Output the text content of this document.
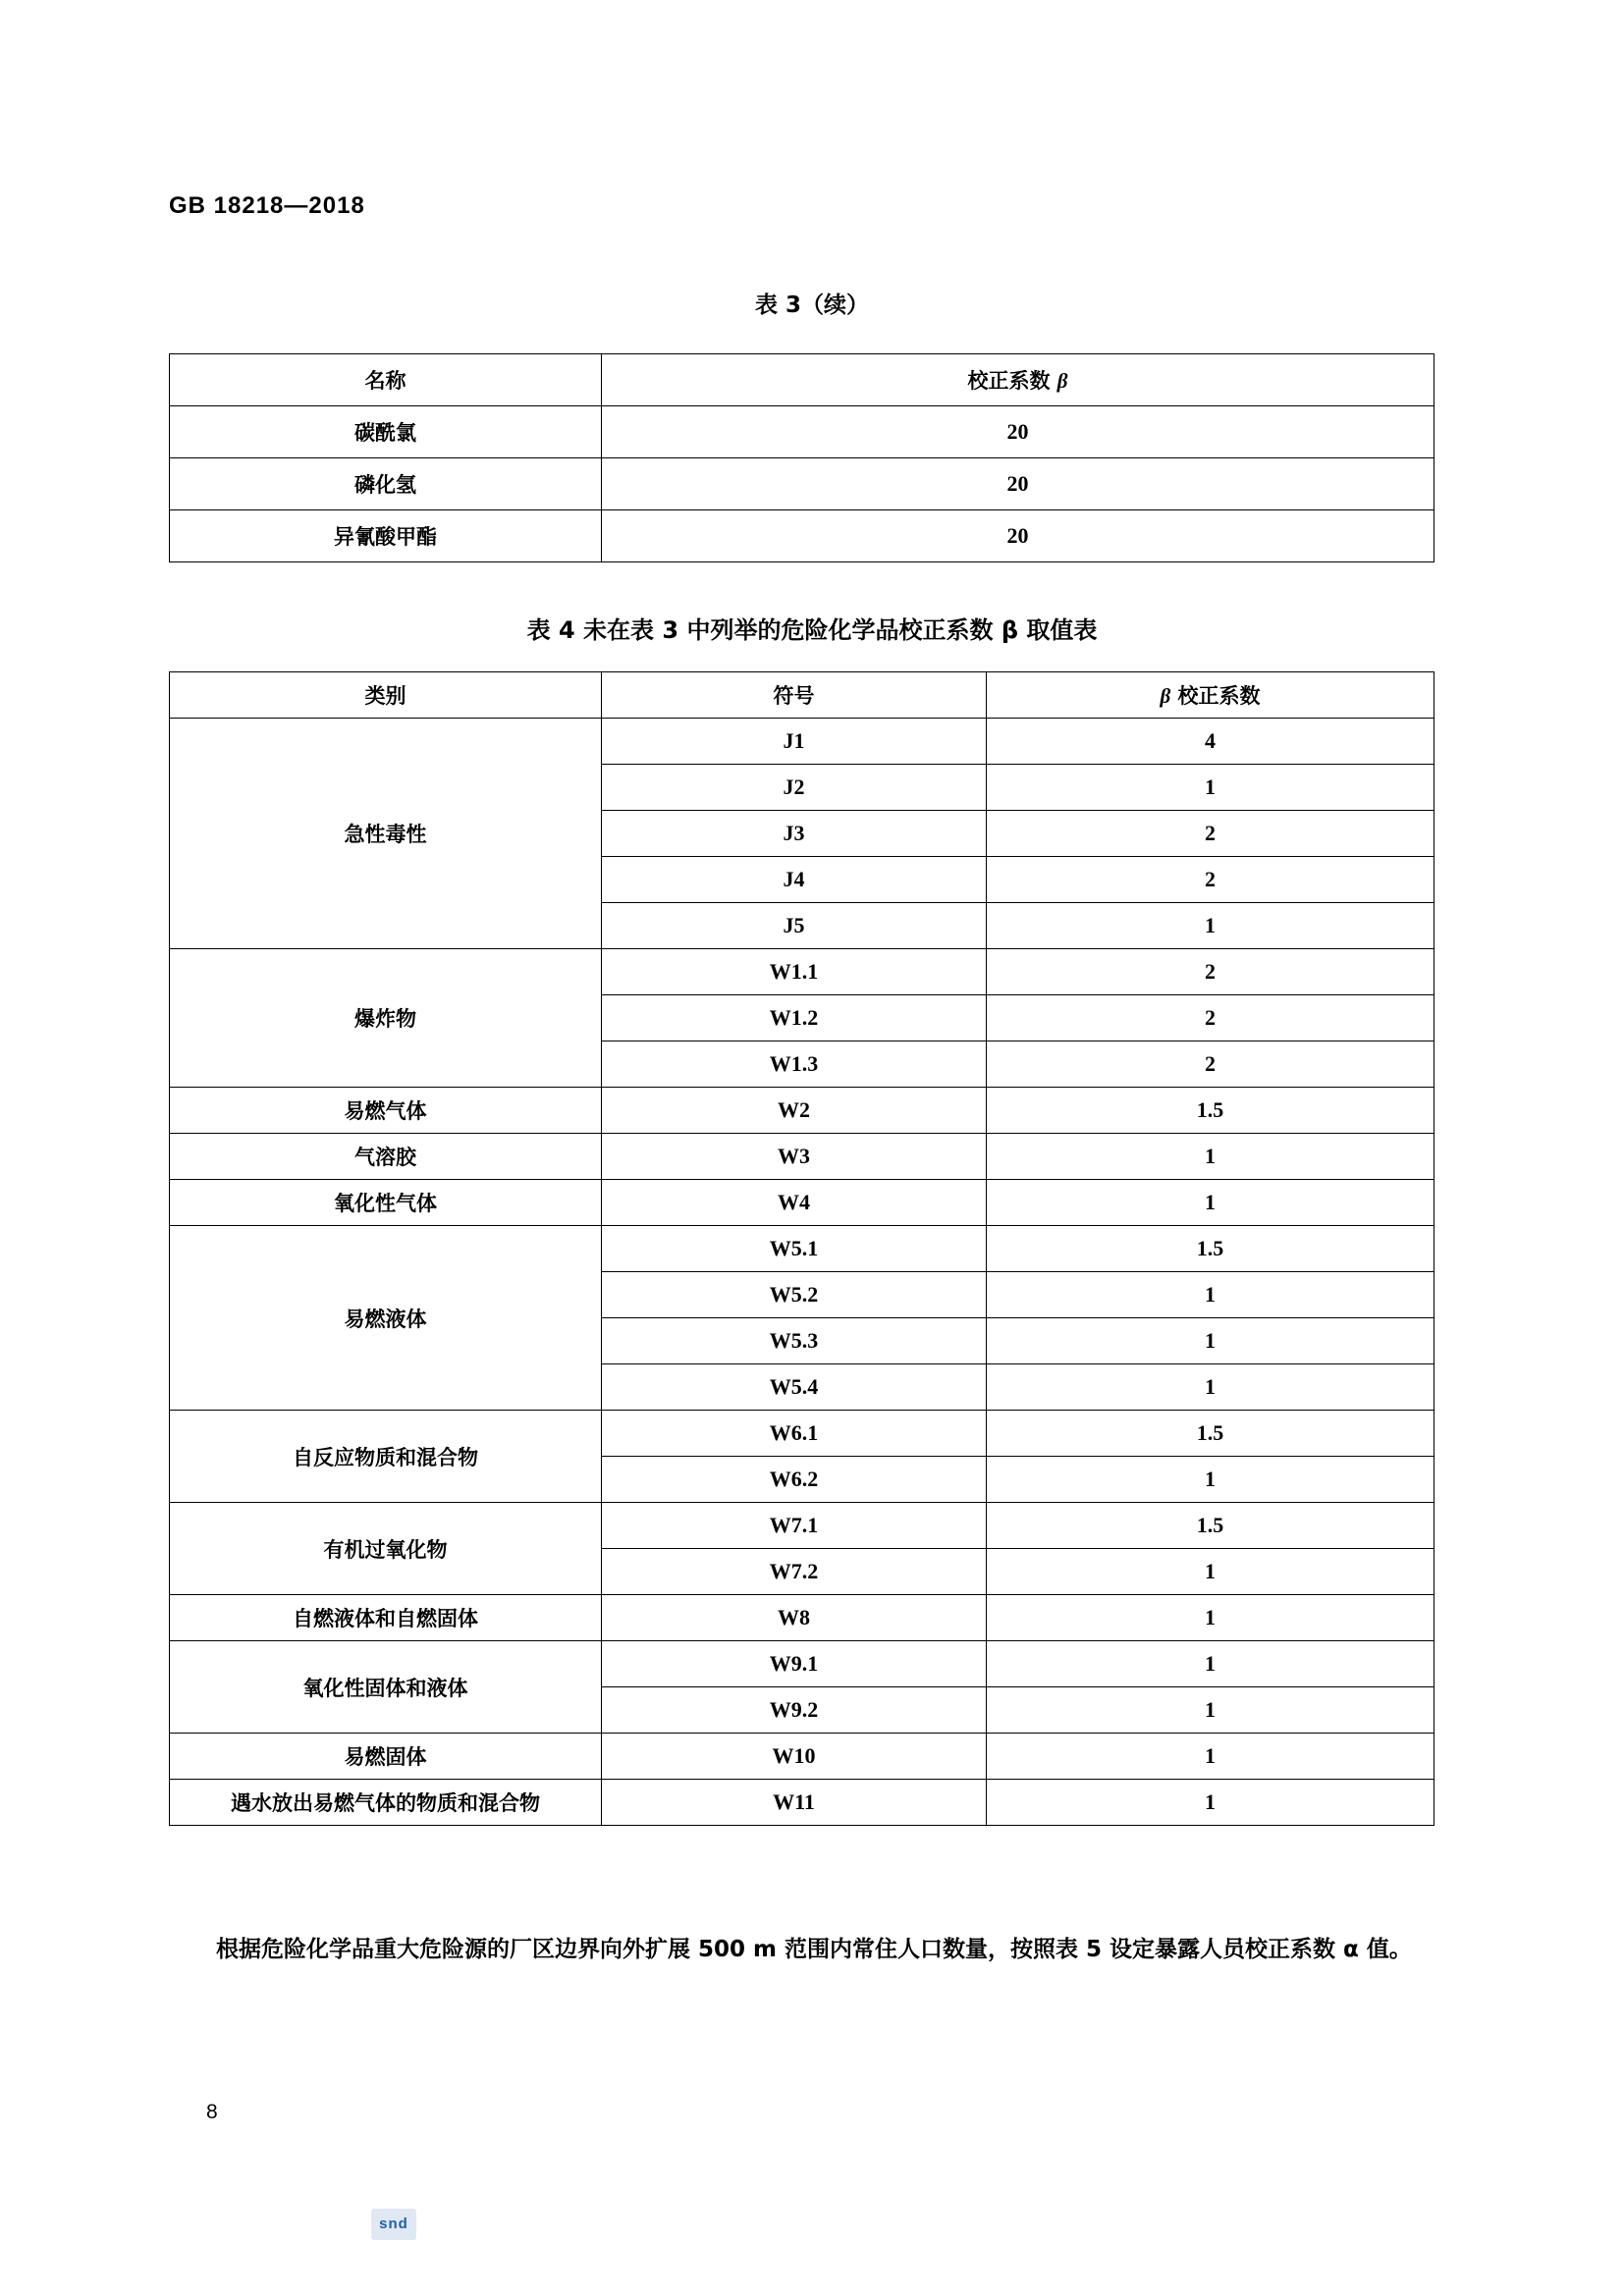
GB 18218—2018
表 3（续）
名称	校正系数 β
碳酰氯	20
磷化氢	20
异氰酸甲酯	20
表 4 未在表 3 中列举的危险化学品校正系数 β 取值表
类别	符号	β 校正系数
急性毒性	J1	4
	J2	1
	J3	2
	J4	2
	J5	1
爆炸物	W1.1	2
	W1.2	2
	W1.3	2
易燃气体	W2	1.5
气溶胶	W3	1
氧化性气体	W4	1
易燃液体	W5.1	1.5
	W5.2	1
	W5.3	1
	W5.4	1
自反应物质和混合物	W6.1	1.5
	W6.2	1
有机过氧化物	W7.1	1.5
	W7.2	1
自燃液体和自燃固体	W8	1
氧化性固体和液体	W9.1	1
	W9.2	1
易燃固体	W10	1
遇水放出易燃气体的物质和混合物	W11	1
根据危险化学品重大危险源的厂区边界向外扩展 500 m 范围内常住人口数量，按照表 5 设定暴露人员校正系数 α 值。
8
snd
